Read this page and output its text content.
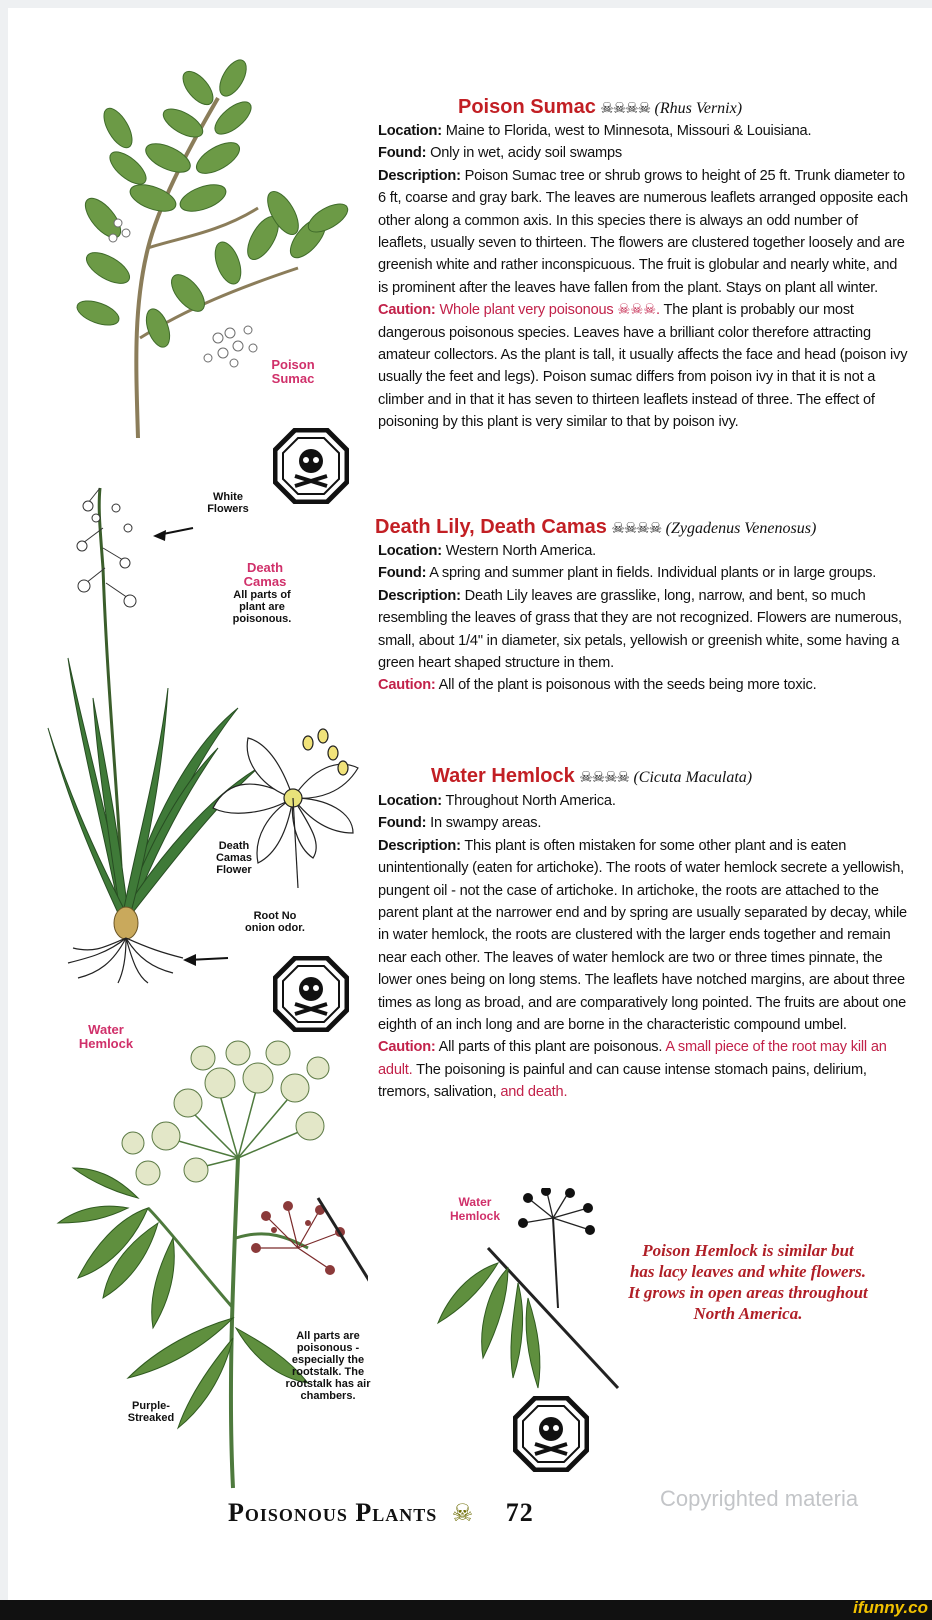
Poison Sumac
White Flowers
Death Camas
All parts of plant are poisonous.
Death Camas Flower
Root No onion odor.
Water Hemlock
All parts are poisonous - especially the rootstalk. The rootstalk has air chambers.
Purple-Streaked
Water Hemlock
Poison Sumac ☠☠☠☠ (Rhus Vernix)

Location: Maine to Florida, west to Minnesota, Missouri & Louisiana.

Found: Only in wet, acidy soil swamps

Description: Poison Sumac tree or shrub grows to height of 25 ft. Trunk diameter to 6 ft, coarse and gray bark. The leaves are numerous leaflets arranged opposite each other along a common axis. In this species there is always an odd number of leaflets, usually seven to thirteen. The flowers are clustered together loosely and are greenish white and rather inconspicuous. The fruit is globular and nearly white, and is prominent after the leaves have fallen from the plant. Stays on plant all winter.

Caution: Whole plant very poisonous ☠☠☠. The plant is probably our most dangerous poisonous species. Leaves have a brilliant color therefore attracting amateur collectors. As the plant is tall, it usually affects the face and head (poison ivy usually the feet and legs). Poison sumac differs from poison ivy in that it is not a climber and in that it has seven to thirteen leaflets instead of three. The effect of poisoning by this plant is very similar to that by poison ivy.

Death Lily, Death Camas ☠☠☠☠ (Zygadenus Venenosus)

Location: Western North America.

Found: A spring and summer plant in fields. Individual plants or in large groups.

Description: Death Lily leaves are grasslike, long, narrow, and bent, so much resembling the leaves of grass that they are not recognized. Flowers are numerous, small, about 1/4" in diameter, six petals, yellowish or greenish white, some having a green heart shaped structure in them.

Caution: All of the plant is poisonous with the seeds being more toxic.

Water Hemlock ☠☠☠☠ (Cicuta Maculata)

Location: Throughout North America.

Found: In swampy areas.

Description: This plant is often mistaken for some other plant and is eaten unintentionally (eaten for artichoke). The roots of water hemlock secrete a yellowish, pungent oil - not the case of artichoke. In artichoke, the roots are attached to the parent plant at the narrower end and by spring are usually separated by decay, while in water hemlock, the roots are clustered with the larger ends together and remain near each other. The leaves of water hemlock are two or three times pinnate, the lower ones being on long stems. The leaflets have notched margins, are about three times as long as broad, and are comparatively long pointed. The fruits are about one eighth of an inch long and are borne in the characteristic compound umbel.

Caution: All parts of this plant are poisonous. A small piece of the root may kill an adult. The poisoning is painful and can cause intense stomach pains, delirium, tremors, salivation, and death.

Poison Hemlock is similar but has lacy leaves and white flowers. It grows in open areas throughout North America.
Poisonous Plants ☠ 72	Copyrighted materia
ifunny.co
